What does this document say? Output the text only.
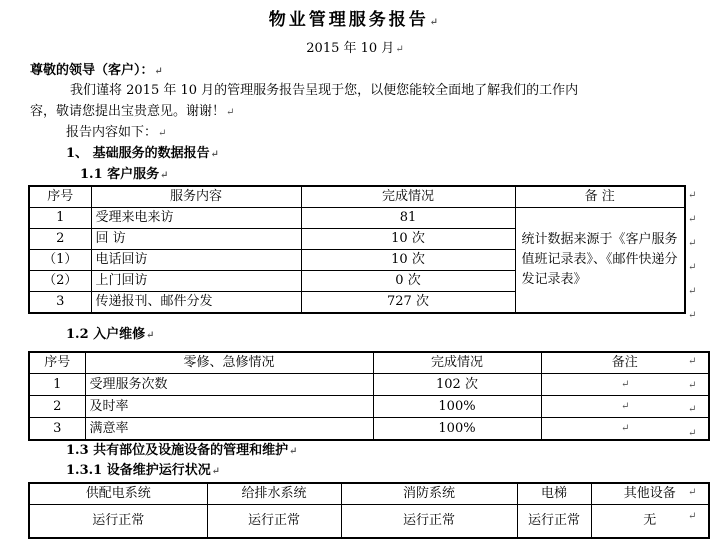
物业管理服务报告↵
2015 年 10 月↵
尊敬的领导（客户）：↵
我们谨将 2015 年 10 月的管理服务报告呈现于您，以便您能较全面地了解我们的工作内
容，敬请您提出宝贵意见。谢谢！↵
报告内容如下：↵
1、 基础服务的数据报告↵
1.1 客户服务↵
序号	服务内容	完成情况	备 注
1	受理来电来访	81	统计数据来源于《客户服务值班记录表》、《邮件快递分发记录表》
2	回 访	10 次	
（1）	电话回访	10 次	
（2）	上门回访	0 次	
3	传递报刊、邮件分发	727 次	
↵

↵

↵

↵

↵

↵
1.2 入户维修↵
序号	零修、急修情况	完成情况	备注
1	受理服务次数	102 次	↵
2	及时率	100%	↵
3	满意率	100%	↵
↵

↵

↵

↵
1.3 共有部位及设施设备的管理和维护↵
1.3.1 设备维护运行状况↵
供配电系统	给排水系统	消防系统	电梯	其他设备
运行正常	运行正常	运行正常	运行正常	无
↵

↵
